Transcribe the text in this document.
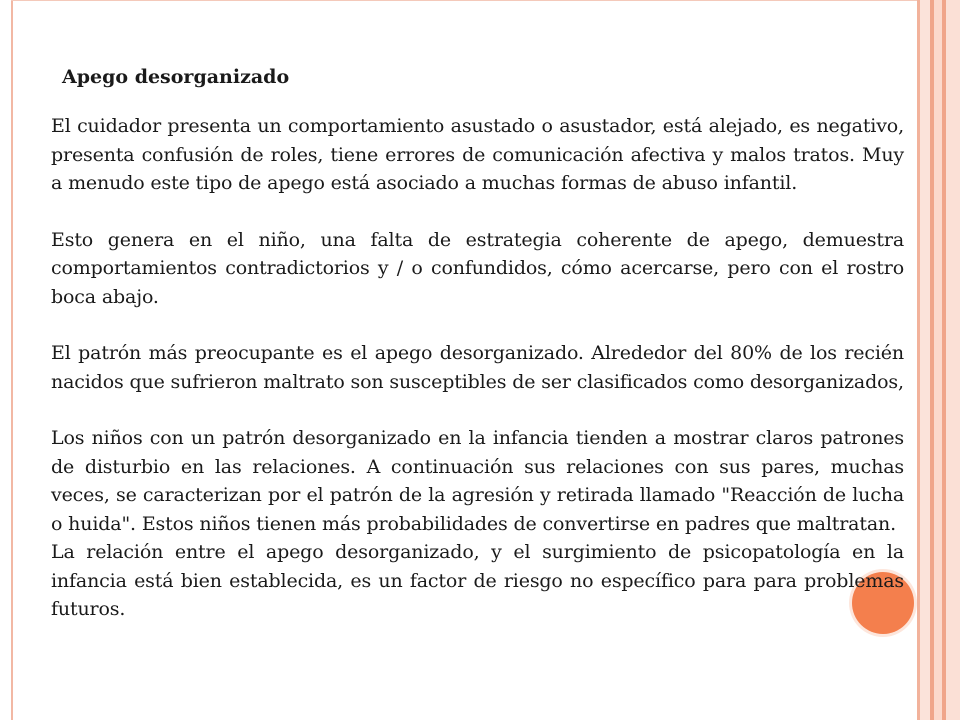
Apego desorganizado

El cuidador presenta un comportamiento asustado o asustador, está alejado, es negativo, presenta confusión de roles, tiene errores de comunicación afectiva y malos tratos. Muy a menudo este tipo de apego está asociado a muchas formas de abuso infantil.

Esto genera en el niño, una falta de estrategia coherente de apego, demuestra comportamientos contradictorios y / o confundidos, cómo acercarse, pero con el rostro boca abajo.

El patrón más preocupante es el apego desorganizado. Alrededor del 80% de los recién nacidos que sufrieron maltrato son susceptibles de ser clasificados como desorganizados,

Los niños con un patrón desorganizado en la infancia tienden a mostrar claros patrones de disturbio en las relaciones. A continuación sus relaciones con sus pares, muchas veces, se caracterizan por el patrón de la agresión y retirada llamado "Reacción de lucha o huida". Estos niños tienen más probabilidades de convertirse en padres que maltratan.

La relación entre el apego desorganizado, y el surgimiento de psicopatología en la infancia está bien establecida, es un factor de riesgo no específico para para problemas futuros.
